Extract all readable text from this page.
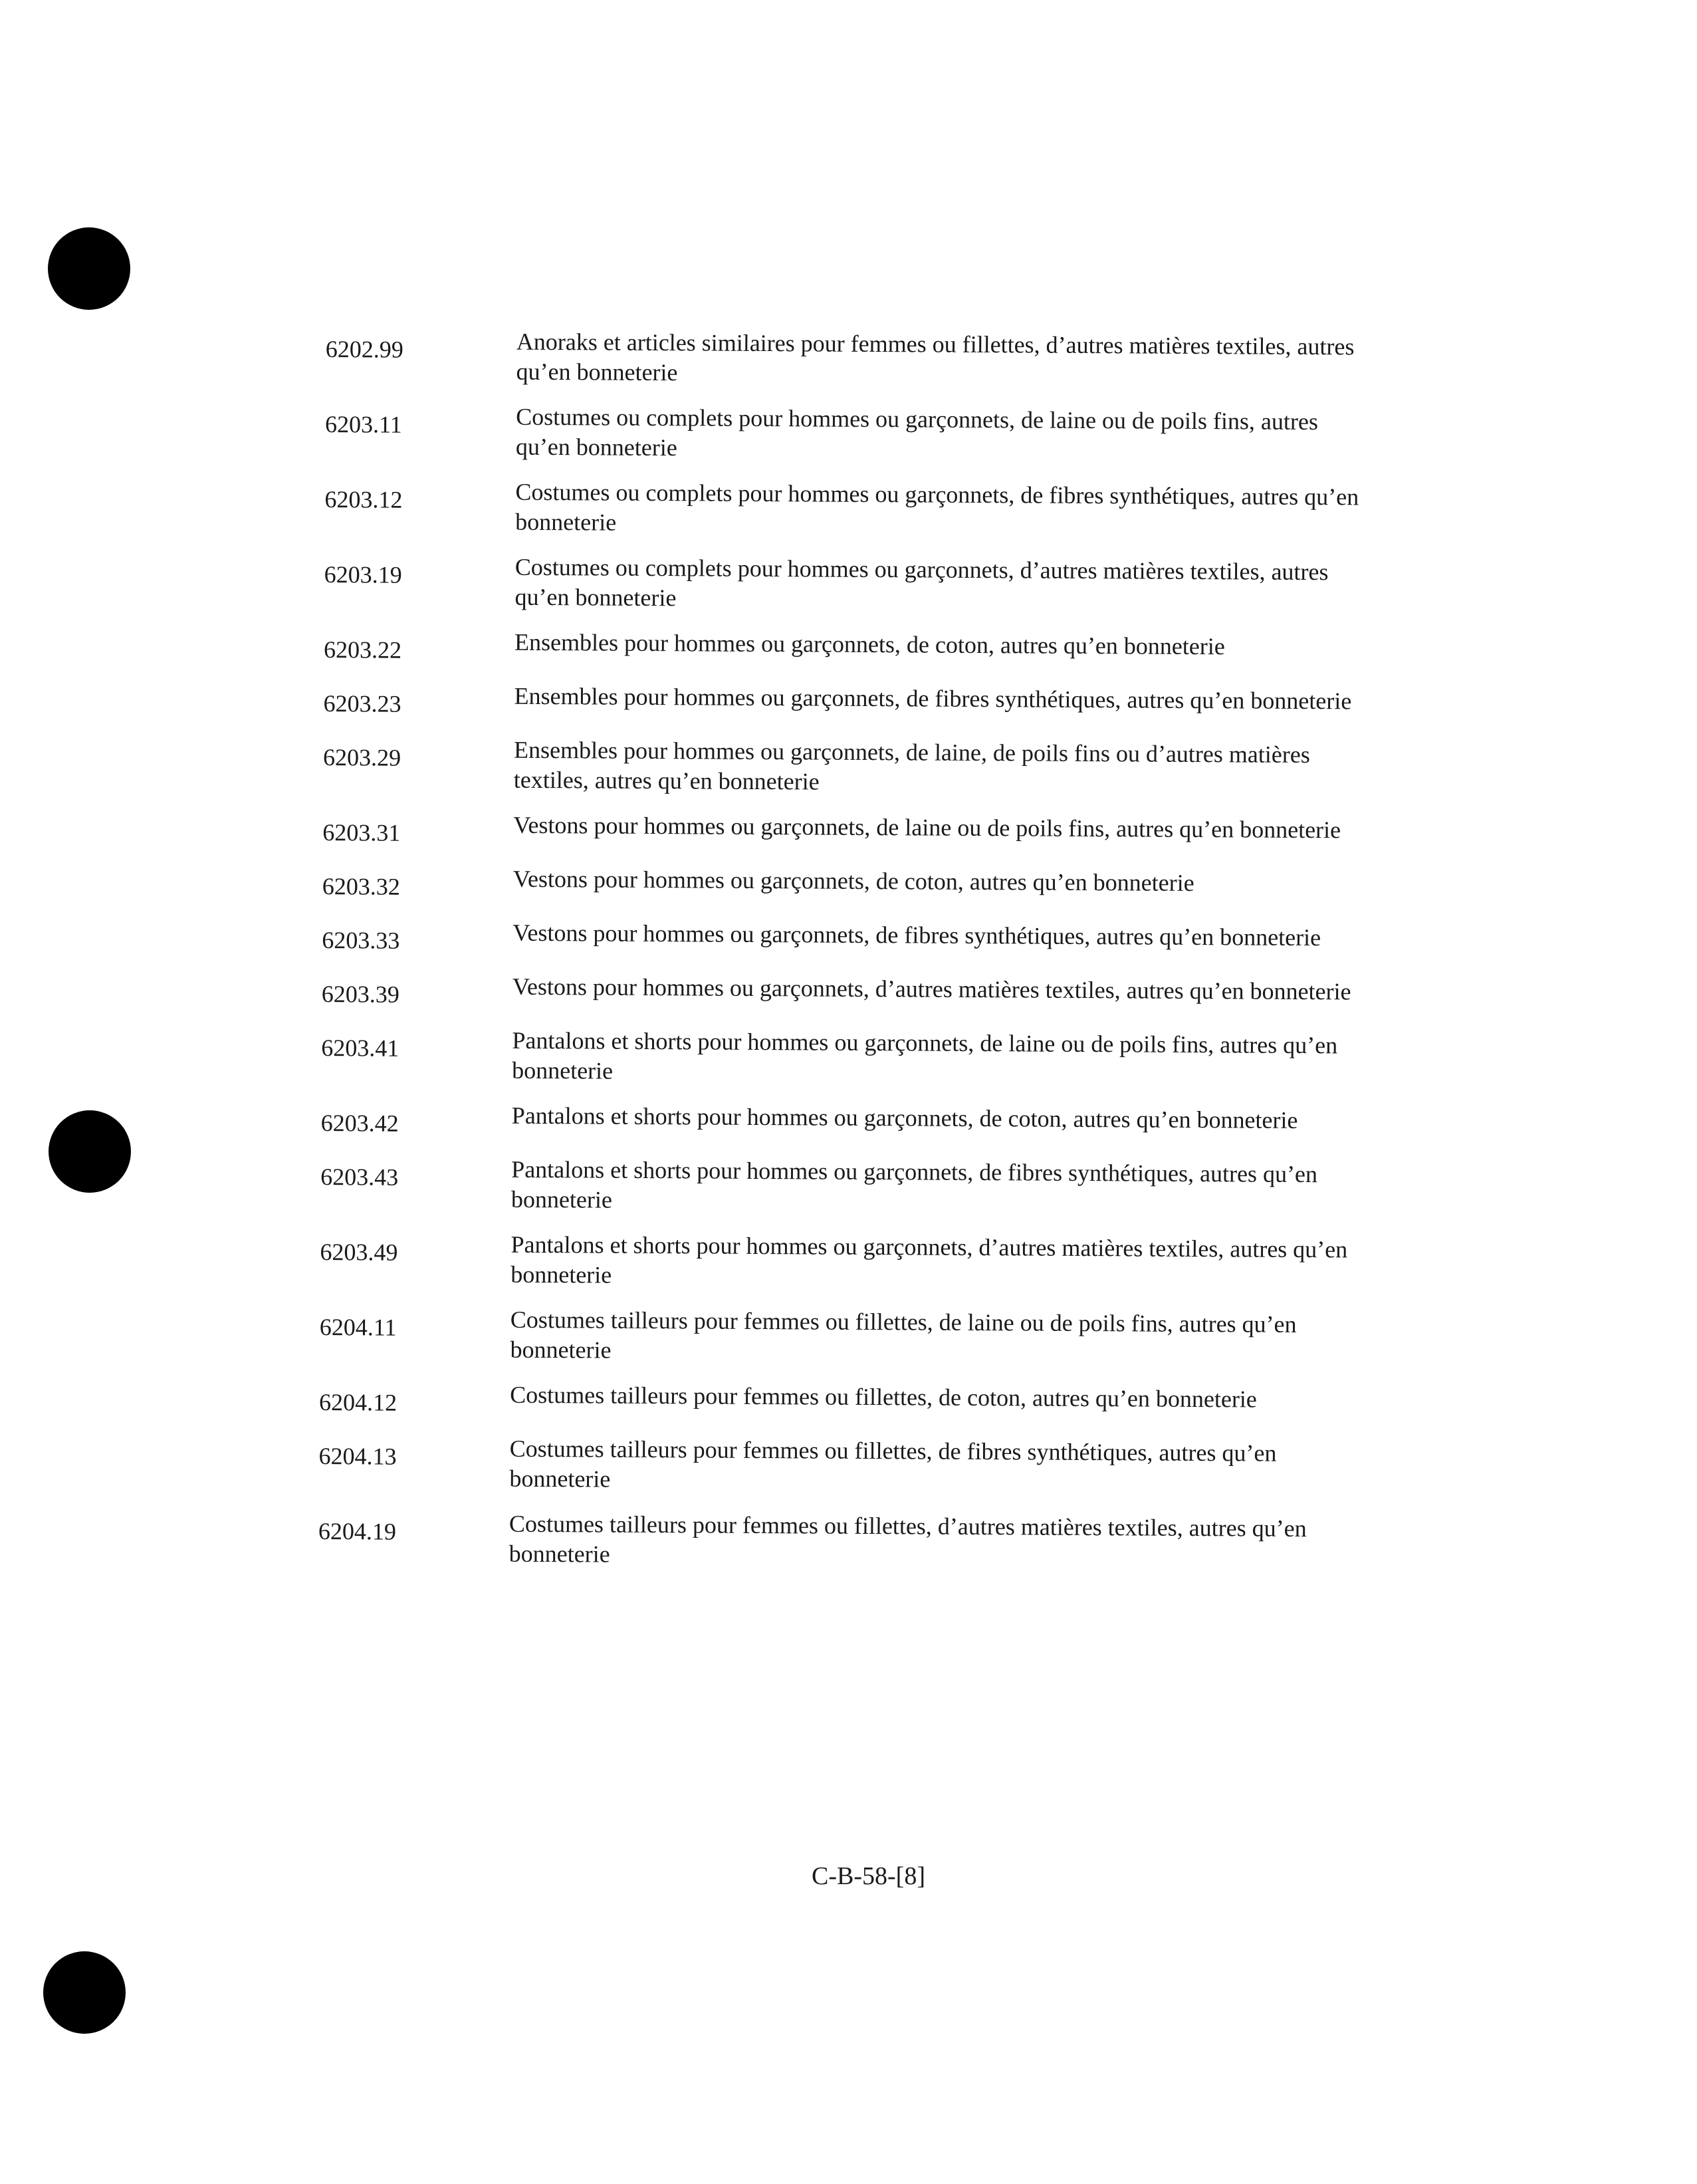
6202.99	Anoraks et articles similaires pour femmes ou fillettes, d’autres matières textiles, autres qu’en bonneterie
6203.11	Costumes ou complets pour hommes ou garçonnets, de laine ou de poils fins, autres qu’en bonneterie
6203.12	Costumes ou complets pour hommes ou garçonnets, de fibres synthétiques, autres qu’en bonneterie
6203.19	Costumes ou complets pour hommes ou garçonnets, d’autres matières textiles, autres qu’en bonneterie
6203.22	Ensembles pour hommes ou garçonnets, de coton, autres qu’en bonneterie
6203.23	Ensembles pour hommes ou garçonnets, de fibres synthétiques, autres qu’en bonneterie
6203.29	Ensembles pour hommes ou garçonnets, de laine, de poils fins ou d’autres matières textiles, autres qu’en bonneterie
6203.31	Vestons pour hommes ou garçonnets, de laine ou de poils fins, autres qu’en bonneterie
6203.32	Vestons pour hommes ou garçonnets, de coton, autres qu’en bonneterie
6203.33	Vestons pour hommes ou garçonnets, de fibres synthétiques, autres qu’en bonneterie
6203.39	Vestons pour hommes ou garçonnets, d’autres matières textiles, autres qu’en bonneterie
6203.41	Pantalons et shorts pour hommes ou garçonnets, de laine ou de poils fins, autres qu’en bonneterie
6203.42	Pantalons et shorts pour hommes ou garçonnets, de coton, autres qu’en bonneterie
6203.43	Pantalons et shorts pour hommes ou garçonnets, de fibres synthétiques, autres qu’en bonneterie
6203.49	Pantalons et shorts pour hommes ou garçonnets, d’autres matières textiles, autres qu’en bonneterie
6204.11	Costumes tailleurs pour femmes ou fillettes, de laine ou de poils fins, autres qu’en bonneterie
6204.12	Costumes tailleurs pour femmes ou fillettes, de coton, autres qu’en bonneterie
6204.13	Costumes tailleurs pour femmes ou fillettes, de fibres synthétiques, autres qu’en bonneterie
6204.19	Costumes tailleurs pour femmes ou fillettes, d’autres matières textiles, autres qu’en bonneterie
C-B-58-[8]
